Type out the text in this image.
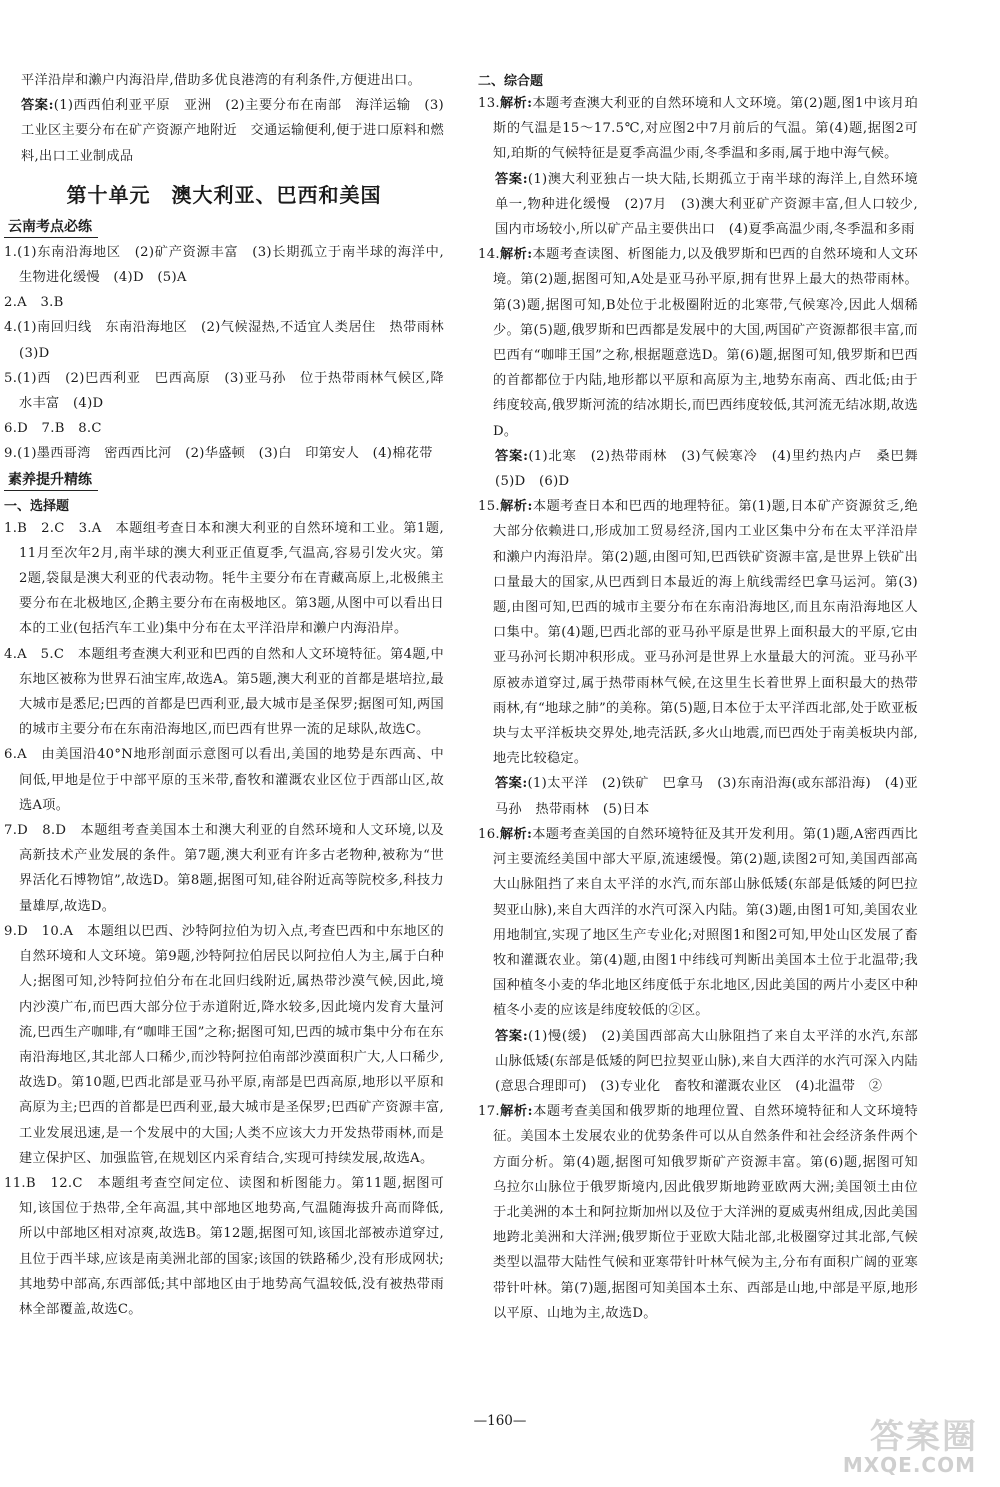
平洋沿岸和濑户内海沿岸,借助多优良港湾的有利条件,方便进出口。

答案:(1)西西伯利亚平原　亚洲　(2)主要分布在南部　海洋运输　(3)工业区主要分布在矿产资源产地附近　交通运输便利,便于进口原料和燃料,出口工业制成品

第十单元　澳大利亚、巴西和美国
云南考点必练

1.(1)东南沿海地区　(2)矿产资源丰富　(3)长期孤立于南半球的海洋中,生物进化缓慢　(4)D　(5)A

2.A　3.B

4.(1)南回归线　东南沿海地区　(2)气候湿热,不适宜人类居住　热带雨林　(3)D

5.(1)西　(2)巴西利亚　巴西高原　(3)亚马孙　位于热带雨林气候区,降水丰富　(4)D

6.D　7.B　8.C

9.(1)墨西哥湾　密西西比河　(2)华盛顿　(3)白　印第安人　(4)棉花带

素养提升精练
一、选择题

1.B　2.C　3.A　本题组考查日本和澳大利亚的自然环境和工业。第1题,11月至次年2月,南半球的澳大利亚正值夏季,气温高,容易引发火灾。第2题,袋鼠是澳大利亚的代表动物。牦牛主要分布在青藏高原上,北极熊主要分布在北极地区,企鹅主要分布在南极地区。第3题,从图中可以看出日本的工业(包括汽车工业)集中分布在太平洋沿岸和濑户内海沿岸。

4.A　5.C　本题组考查澳大利亚和巴西的自然和人文环境特征。第4题,中东地区被称为世界石油宝库,故选A。第5题,澳大利亚的首都是堪培拉,最大城市是悉尼;巴西的首都是巴西利亚,最大城市是圣保罗;据图可知,两国的城市主要分布在东南沿海地区,而巴西有世界一流的足球队,故选C。

6.A　由美国沿40°N地形剖面示意图可以看出,美国的地势是东西高、中间低,甲地是位于中部平原的玉米带,畜牧和灌溉农业区位于西部山区,故选A项。

7.D　8.D　本题组考查美国本土和澳大利亚的自然环境和人文环境,以及高新技术产业发展的条件。第7题,澳大利亚有许多古老物种,被称为“世界活化石博物馆”,故选D。第8题,据图可知,硅谷附近高等院校多,科技力量雄厚,故选D。

9.D　10.A　本题组以巴西、沙特阿拉伯为切入点,考查巴西和中东地区的自然环境和人文环境。第9题,沙特阿拉伯居民以阿拉伯人为主,属于白种人;据图可知,沙特阿拉伯分布在北回归线附近,属热带沙漠气候,因此,境内沙漠广布,而巴西大部分位于赤道附近,降水较多,因此境内发育大量河流,巴西生产咖啡,有“咖啡王国”之称;据图可知,巴西的城市集中分布在东南沿海地区,其北部人口稀少,而沙特阿拉伯南部沙漠面积广大,人口稀少,故选D。第10题,巴西北部是亚马孙平原,南部是巴西高原,地形以平原和高原为主;巴西的首都是巴西利亚,最大城市是圣保罗;巴西矿产资源丰富,工业发展迅速,是一个发展中的大国;人类不应该大力开发热带雨林,而是建立保护区、加强监管,在规划区内采育结合,实现可持续发展,故选A。

11.B　12.C　本题组考查空间定位、读图和析图能力。第11题,据图可知,该国位于热带,全年高温,其中部地区地势高,气温随海拔升高而降低,所以中部地区相对凉爽,故选B。第12题,据图可知,该国北部被赤道穿过,且位于西半球,应该是南美洲北部的国家;该国的铁路稀少,没有形成网状;其地势中部高,东西部低;其中部地区由于地势高气温较低,没有被热带雨林全部覆盖,故选C。

二、综合题

13.解析:本题考查澳大利亚的自然环境和人文环境。第(2)题,图1中该月珀斯的气温是15～17.5℃,对应图2中7月前后的气温。第(4)题,据图2可知,珀斯的气候特征是夏季高温少雨,冬季温和多雨,属于地中海气候。

答案:(1)澳大利亚独占一块大陆,长期孤立于南半球的海洋上,自然环境单一,物种进化缓慢　(2)7月　(3)澳大利亚矿产资源丰富,但人口较少,国内市场较小,所以矿产品主要供出口　(4)夏季高温少雨,冬季温和多雨

14.解析:本题考查读图、析图能力,以及俄罗斯和巴西的自然环境和人文环境。第(2)题,据图可知,A处是亚马孙平原,拥有世界上最大的热带雨林。第(3)题,据图可知,B处位于北极圈附近的北寒带,气候寒冷,因此人烟稀少。第(5)题,俄罗斯和巴西都是发展中的大国,两国矿产资源都很丰富,而巴西有“咖啡王国”之称,根据题意选D。第(6)题,据图可知,俄罗斯和巴西的首都都位于内陆,地形都以平原和高原为主,地势东南高、西北低;由于纬度较高,俄罗斯河流的结冰期长,而巴西纬度较低,其河流无结冰期,故选D。

答案:(1)北寒　(2)热带雨林　(3)气候寒冷　(4)里约热内卢　桑巴舞　(5)D　(6)D

15.解析:本题考查日本和巴西的地理特征。第(1)题,日本矿产资源贫乏,绝大部分依赖进口,形成加工贸易经济,国内工业区集中分布在太平洋沿岸和濑户内海沿岸。第(2)题,由图可知,巴西铁矿资源丰富,是世界上铁矿出口量最大的国家,从巴西到日本最近的海上航线需经巴拿马运河。第(3)题,由图可知,巴西的城市主要分布在东南沿海地区,而且东南沿海地区人口集中。第(4)题,巴西北部的亚马孙平原是世界上面积最大的平原,它由亚马孙河长期冲积形成。亚马孙河是世界上水量最大的河流。亚马孙平原被赤道穿过,属于热带雨林气候,在这里生长着世界上面积最大的热带雨林,有“地球之肺”的美称。第(5)题,日本位于太平洋西北部,处于欧亚板块与太平洋板块交界处,地壳活跃,多火山地震,而巴西处于南美板块内部,地壳比较稳定。

答案:(1)太平洋　(2)铁矿　巴拿马　(3)东南沿海(或东部沿海)　(4)亚马孙　热带雨林　(5)日本

16.解析:本题考查美国的自然环境特征及其开发利用。第(1)题,A密西西比河主要流经美国中部大平原,流速缓慢。第(2)题,读图2可知,美国西部高大山脉阻挡了来自太平洋的水汽,而东部山脉低矮(东部是低矮的阿巴拉契亚山脉),来自大西洋的水汽可深入内陆。第(3)题,由图1可知,美国农业用地制宜,实现了地区生产专业化;对照图1和图2可知,甲处山区发展了畜牧和灌溉农业。第(4)题,由图1中纬线可判断出美国本土位于北温带;我国种植冬小麦的华北地区纬度低于东北地区,因此美国的两片小麦区中种植冬小麦的应该是纬度较低的②区。

答案:(1)慢(缓)　(2)美国西部高大山脉阻挡了来自太平洋的水汽,东部山脉低矮(东部是低矮的阿巴拉契亚山脉),来自大西洋的水汽可深入内陆(意思合理即可)　(3)专业化　畜牧和灌溉农业区　(4)北温带　②

17.解析:本题考查美国和俄罗斯的地理位置、自然环境特征和人文环境特征。美国本土发展农业的优势条件可以从自然条件和社会经济条件两个方面分析。第(4)题,据图可知俄罗斯矿产资源丰富。第(6)题,据图可知乌拉尔山脉位于俄罗斯境内,因此俄罗斯地跨亚欧两大洲;美国领土由位于北美洲的本土和阿拉斯加州以及位于大洋洲的夏威夷州组成,因此美国地跨北美洲和大洋洲;俄罗斯位于亚欧大陆北部,北极圈穿过其北部,气候类型以温带大陆性气候和亚寒带针叶林气候为主,分布有面积广阔的亚寒带针叶林。第(7)题,据图可知美国本土东、西部是山地,中部是平原,地形以平原、山地为主,故选D。

—160—	答案圈
MXQE.COM
